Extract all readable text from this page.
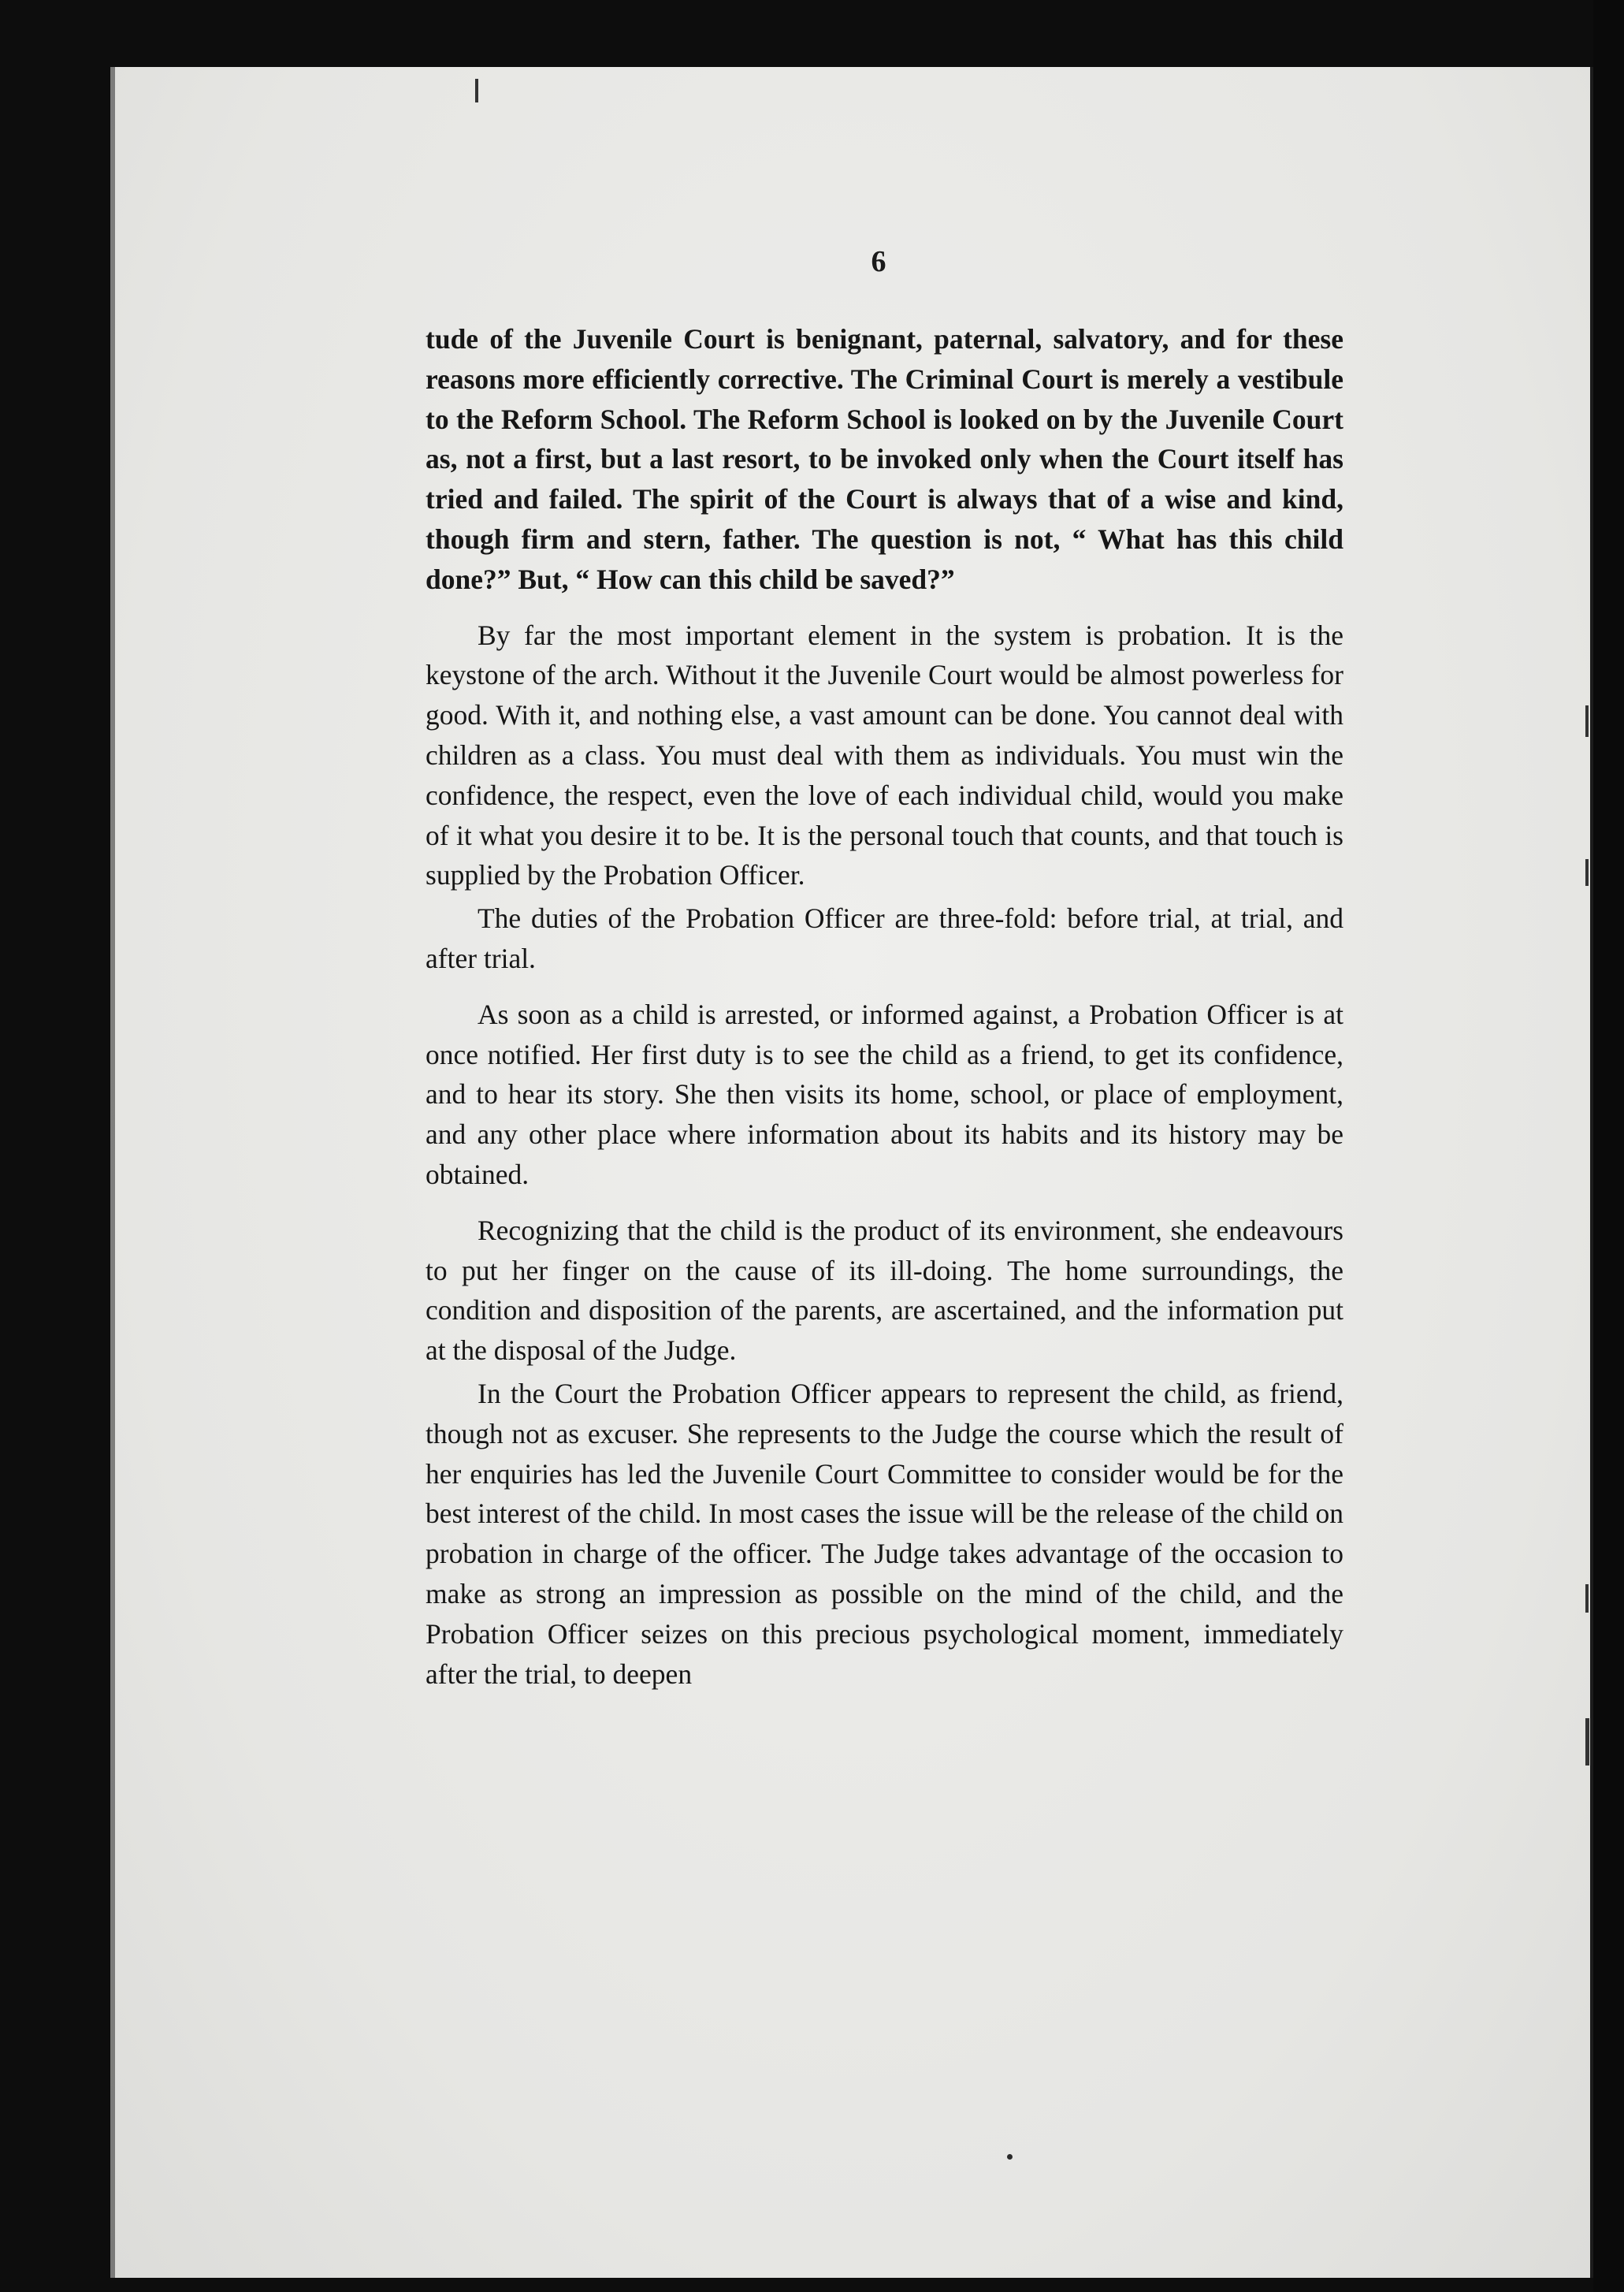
6

tude of the Juvenile Court is benignant, paternal, salvatory, and for these reasons more efficiently corrective. The Criminal Court is merely a vestibule to the Reform School. The Reform School is looked on by the Juvenile Court as, not a first, but a last resort, to be invoked only when the Court itself has tried and failed. The spirit of the Court is always that of a wise and kind, though firm and stern, father. The question is not, “ What has this child done?” But, “ How can this child be saved?”

By far the most important element in the system is probation. It is the keystone of the arch. Without it the Juvenile Court would be almost powerless for good. With it, and nothing else, a vast amount can be done. You cannot deal with children as a class. You must deal with them as individuals. You must win the confidence, the respect, even the love of each individual child, would you make of it what you desire it to be. It is the personal touch that counts, and that touch is supplied by the Probation Officer.

The duties of the Probation Officer are three-fold: before trial, at trial, and after trial.

As soon as a child is arrested, or informed against, a Probation Officer is at once notified. Her first duty is to see the child as a friend, to get its confidence, and to hear its story. She then visits its home, school, or place of employment, and any other place where information about its habits and its history may be obtained.

Recognizing that the child is the product of its environment, she endeavours to put her finger on the cause of its ill-doing. The home surroundings, the condition and disposition of the parents, are ascertained, and the information put at the disposal of the Judge.

In the Court the Probation Officer appears to represent the child, as friend, though not as excuser. She represents to the Judge the course which the result of her enquiries has led the Juvenile Court Committee to consider would be for the best interest of the child. In most cases the issue will be the release of the child on probation in charge of the officer. The Judge takes advantage of the occasion to make as strong an impression as possible on the mind of the child, and the Probation Officer seizes on this precious psychological moment, immediately after the trial, to deepen
